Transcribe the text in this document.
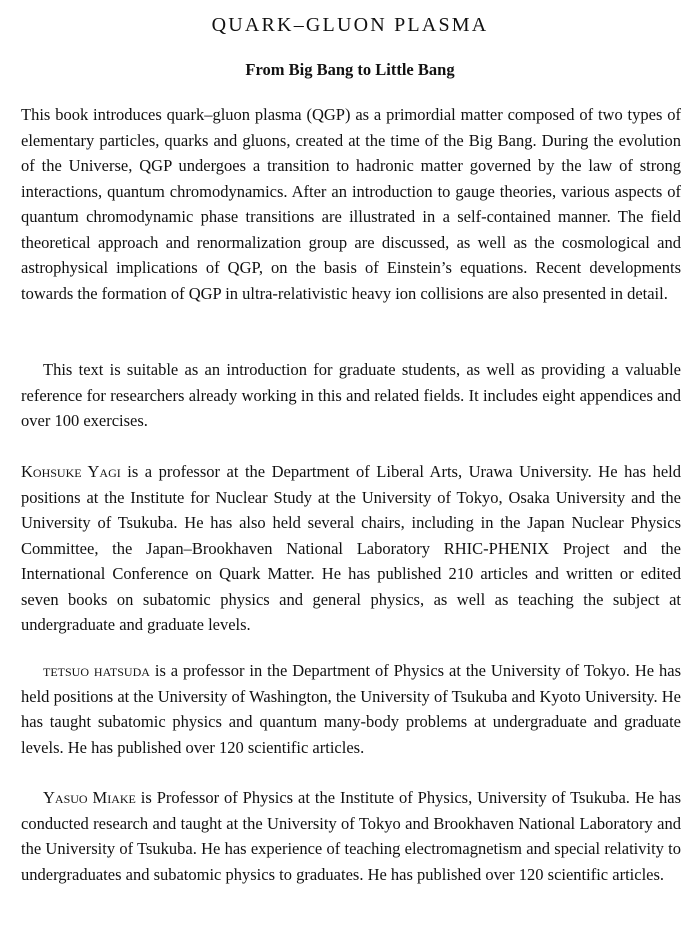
QUARK–GLUON PLASMA
From Big Bang to Little Bang

This book introduces quark–gluon plasma (QGP) as a primordial matter composed of two types of elementary particles, quarks and gluons, created at the time of the Big Bang. During the evolution of the Universe, QGP undergoes a transition to hadronic matter governed by the law of strong interactions, quantum chromodynamics. After an introduction to gauge theories, various aspects of quantum chromodynamic phase transitions are illustrated in a self-contained manner. The field theoretical approach and renormalization group are discussed, as well as the cosmological and astrophysical implications of QGP, on the basis of Einstein’s equations. Recent developments towards the formation of QGP in ultra-relativistic heavy ion collisions are also presented in detail.

This text is suitable as an introduction for graduate students, as well as providing a valuable reference for researchers already working in this and related fields. It includes eight appendices and over 100 exercises.

Kohsuke Yagi is a professor at the Department of Liberal Arts, Urawa University. He has held positions at the Institute for Nuclear Study at the University of Tokyo, Osaka University and the University of Tsukuba. He has also held several chairs, including in the Japan Nuclear Physics Committee, the Japan–Brookhaven National Laboratory RHIC-PHENIX Project and the International Conference on Quark Matter. He has published 210 articles and written or edited seven books on subatomic physics and general physics, as well as teaching the subject at undergraduate and graduate levels.

tetsuo hatsuda is a professor in the Department of Physics at the University of Tokyo. He has held positions at the University of Washington, the University of Tsukuba and Kyoto University. He has taught subatomic physics and quantum many-body problems at undergraduate and graduate levels. He has published over 120 scientific articles.

Yasuo Miake is Professor of Physics at the Institute of Physics, University of Tsukuba. He has conducted research and taught at the University of Tokyo and Brookhaven National Laboratory and the University of Tsukuba. He has experience of teaching electromagnetism and special relativity to undergraduates and subatomic physics to graduates. He has published over 120 scientific articles.
